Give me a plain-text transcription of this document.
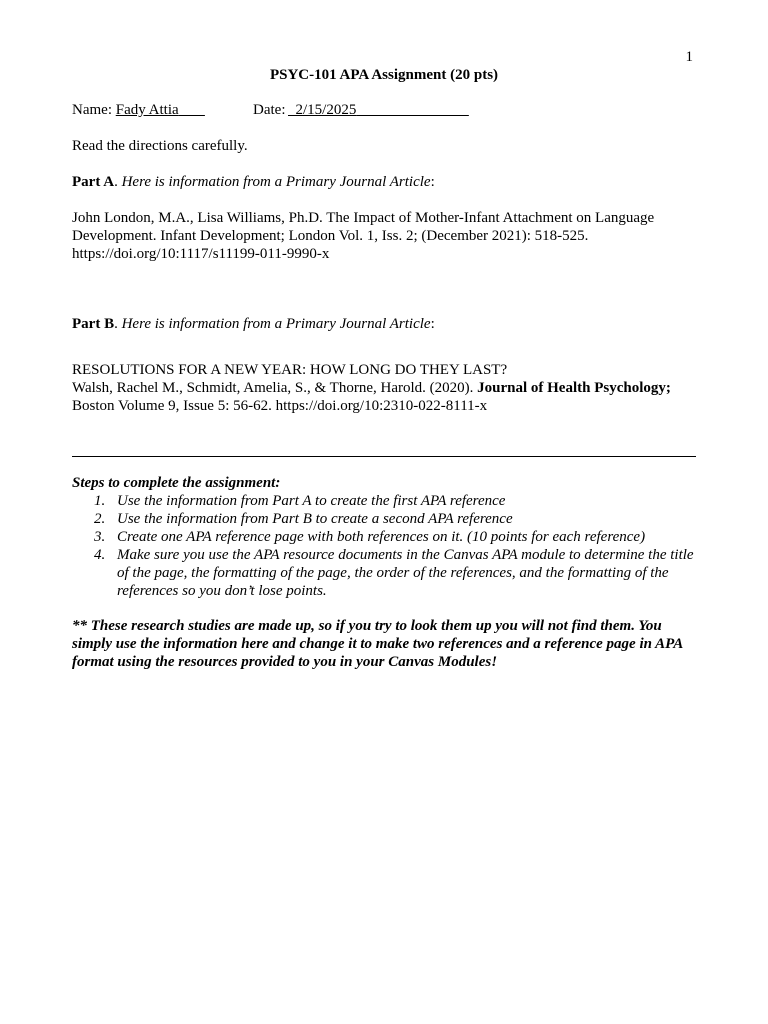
1
PSYC-101 APA Assignment (20 pts)
Name: Fady Attia	Date: 2/15/2025
Read the directions carefully.
Part A. Here is information from a Primary Journal Article:
John London, M.A., Lisa Williams, Ph.D. The Impact of Mother-Infant Attachment on Language
Development. Infant Development; London Vol. 1, Iss. 2; (December 2021): 518-525.
https://doi.org/10:1117/s11199-011-9990-x
Part B. Here is information from a Primary Journal Article:
RESOLUTIONS FOR A NEW YEAR: HOW LONG DO THEY LAST?
Walsh, Rachel M., Schmidt, Amelia, S., & Thorne, Harold. (2020). Journal of Health Psychology;
Boston Volume 9, Issue 5: 56-62. https://doi.org/10:2310-022-8111-x
Steps to complete the assignment:
1. Use the information from Part A to create the first APA reference
2. Use the information from Part B to create a second APA reference
3. Create one APA reference page with both references on it. (10 points for each reference)
4. Make sure you use the APA resource documents in the Canvas APA module to determine the title of the page, the formatting of the page, the order of the references, and the formatting of the references so you don’t lose points.
** These research studies are made up, so if you try to look them up you will not find them. You simply use the information here and change it to make two references and a reference page in APA format using the resources provided to you in your Canvas Modules!
